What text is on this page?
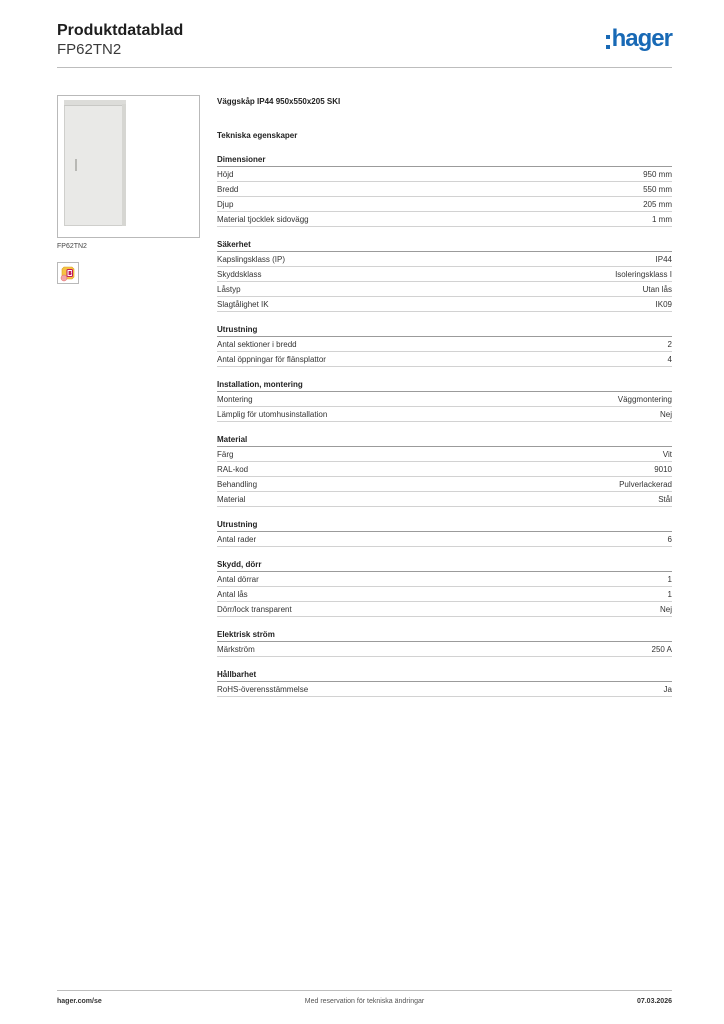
Produktdatablad
FP62TN2	hager
FP62TN2
Väggskåp IP44 950x550x205 SKI
Tekniska egenskaper
Dimensioner
Höjd	950 mm
Bredd	550 mm
Djup	205 mm
Material tjocklek sidovägg	1 mm
Säkerhet
Kapslingsklass (IP)	IP44
Skyddsklass	Isoleringsklass I
Låstyp	Utan lås
Slagtålighet IK	IK09
Utrustning
Antal sektioner i bredd	2
Antal öppningar för flänsplattor	4
Installation, montering
Montering	Väggmontering
Lämplig för utomhusinstallation	Nej
Material
Färg	Vit
RAL-kod	9010
Behandling	Pulverlackerad
Material	Stål
Utrustning
Antal rader	6
Skydd, dörr
Antal dörrar	1
Antal lås	1
Dörr/lock transparent	Nej
Elektrisk ström
Märkström	250 A
Hållbarhet
RoHS-överensstämmelse	Ja
hager.com/se	Med reservation för tekniska ändringar	07.03.2026
